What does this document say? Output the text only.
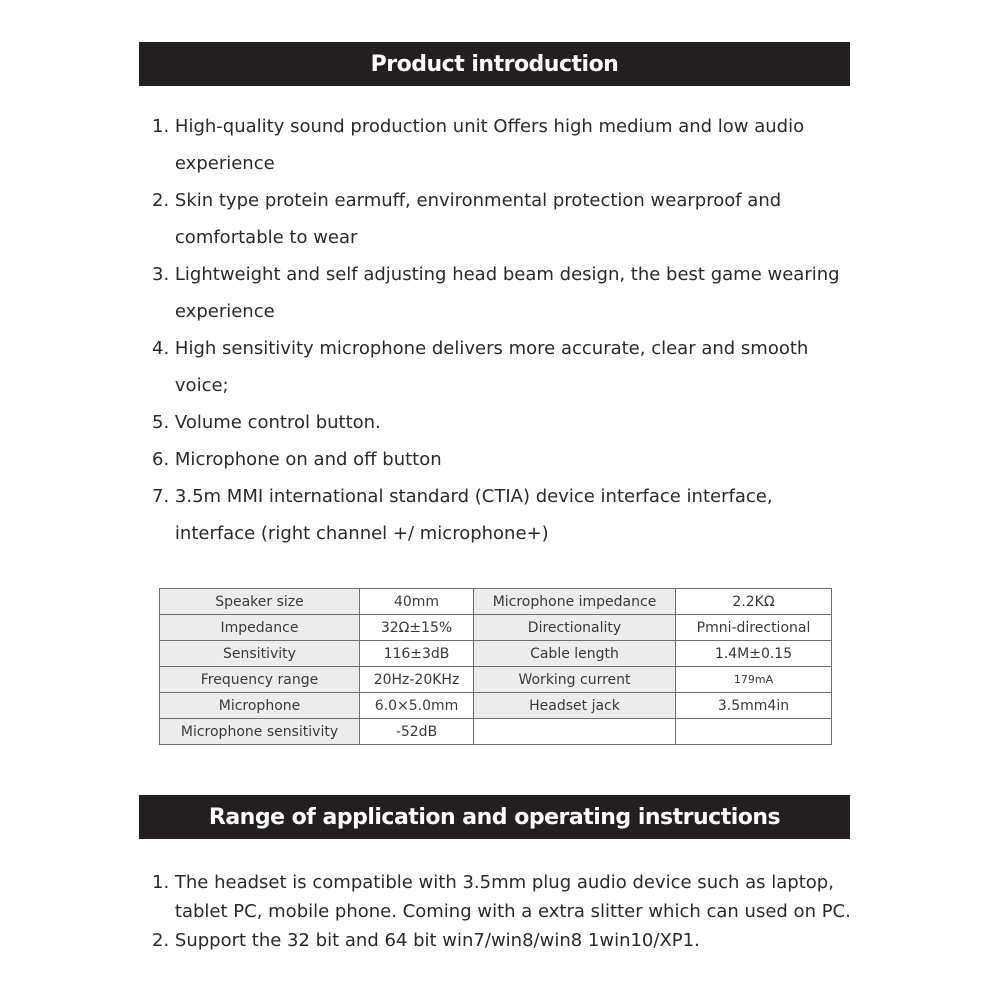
Product introduction
1. High-quality sound production unit Offers high medium and low audio
experience
2. Skin type protein earmuff, environmental protection wearproof and
comfortable to wear
3. Lightweight and self adjusting head beam design, the best game wearing
experience
4. High sensitivity microphone delivers more accurate, clear and smooth
voice;
5. Volume control button.
6. Microphone on and off button
7. 3.5m MMI international standard (CTIA) device interface interface,
interface (right channel +/ microphone+)
Speaker size	40mm	Microphone impedance	2.2KΩ
Impedance	32Ω±15%	Directionality	Pmni-directional
Sensitivity	116±3dB	Cable length	1.4M±0.15
Frequency range	20Hz-20KHz	Working current	179mA
Microphone	6.0×5.0mm	Headset jack	3.5mm4in
Microphone sensitivity	-52dB		
Range of application and operating instructions
1. The headset is compatible with 3.5mm plug audio device such as laptop,
tablet PC, mobile phone. Coming with a extra slitter which can used on PC.
2. Support the 32 bit and 64 bit win7/win8/win8 1win10/XP1.
